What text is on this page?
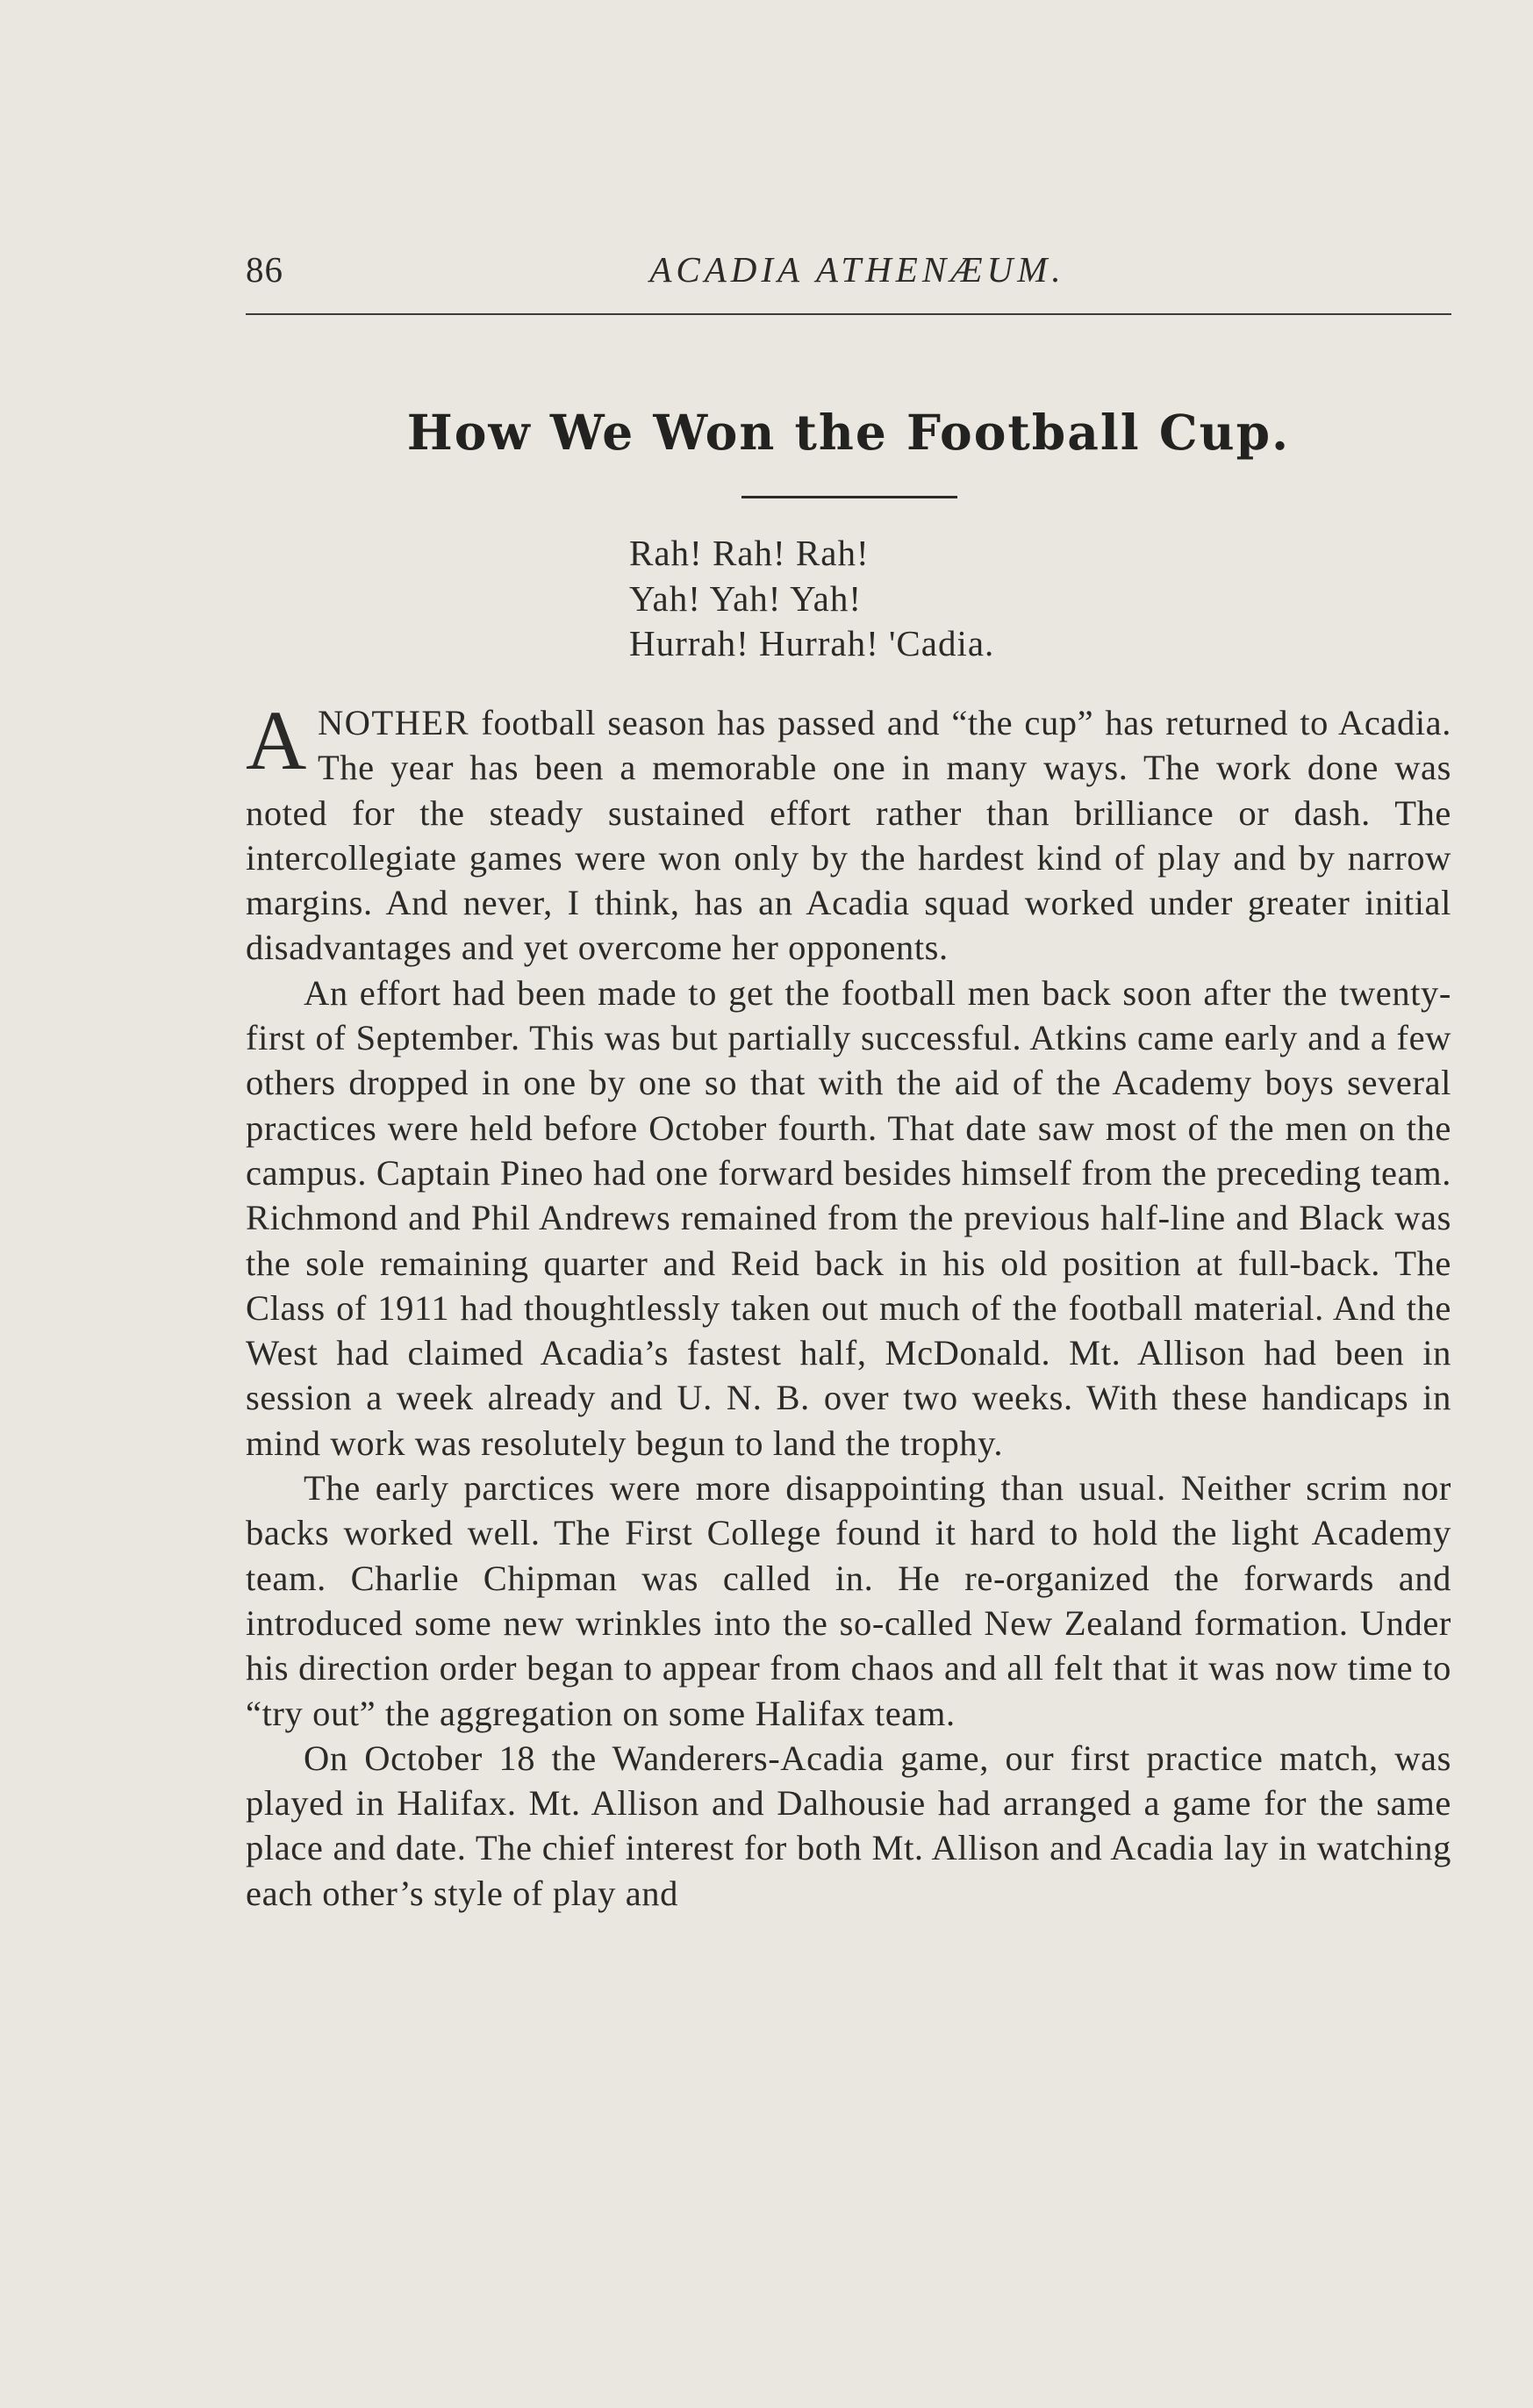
86	ACADIA ATHENÆUM.
How We Won the Football Cup.
Rah! Rah! Rah!
Yah! Yah! Yah!
Hurrah! Hurrah! 'Cadia.

ANOTHER football season has passed and “the cup” has returned to Acadia. The year has been a memorable one in many ways. The work done was noted for the steady sustained effort rather than brilliance or dash. The intercollegiate games were won only by the hardest kind of play and by narrow margins. And never, I think, has an Acadia squad worked under greater initial disadvantages and yet overcome her opponents.

An effort had been made to get the football men back soon after the twenty-first of September. This was but partially successful. Atkins came early and a few others dropped in one by one so that with the aid of the Academy boys several practices were held before October fourth. That date saw most of the men on the campus. Captain Pineo had one forward besides himself from the preceding team. Richmond and Phil Andrews remained from the previous half-line and Black was the sole remaining quarter and Reid back in his old position at full-back. The Class of 1911 had thoughtlessly taken out much of the football material. And the West had claimed Acadia’s fastest half, McDonald. Mt. Allison had been in session a week already and U. N. B. over two weeks. With these handicaps in mind work was resolutely begun to land the trophy.

The early parctices were more disappointing than usual. Neither scrim nor backs worked well. The First College found it hard to hold the light Academy team. Charlie Chipman was called in. He re-organized the forwards and introduced some new wrinkles into the so-called New Zealand formation. Under his direction order began to appear from chaos and all felt that it was now time to “try out” the aggregation on some Halifax team.

On October 18 the Wanderers-Acadia game, our first practice match, was played in Halifax. Mt. Allison and Dalhousie had arranged a game for the same place and date. The chief interest for both Mt. Allison and Acadia lay in watching each other’s style of play and
